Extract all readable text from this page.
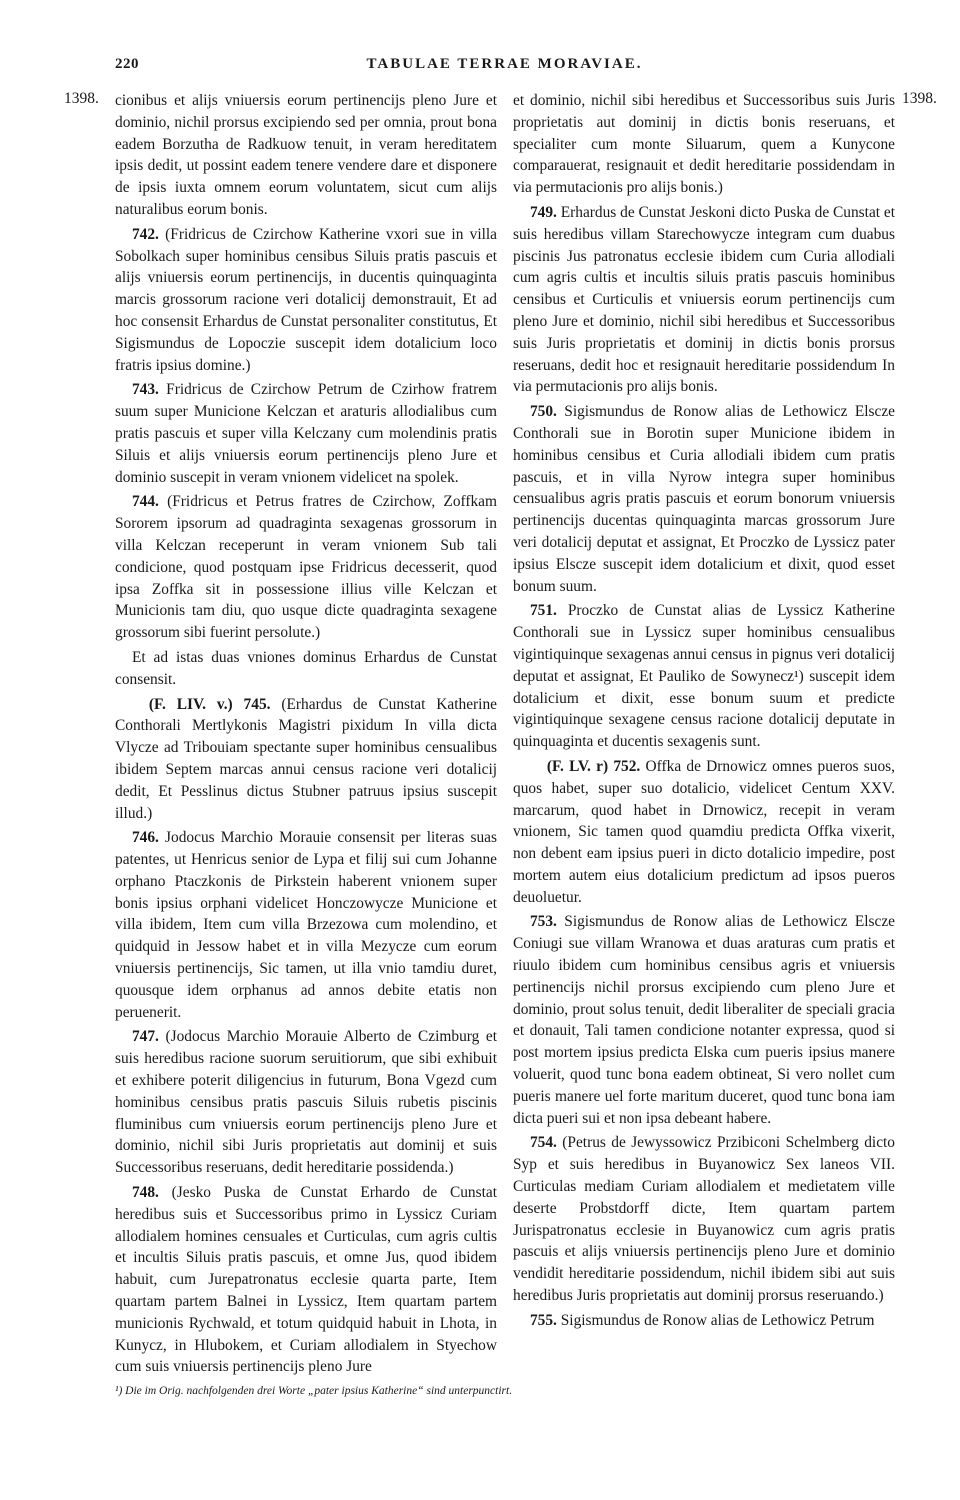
220	TABULAE TERRAE MORAVIAE.
1398.	1398.

cionibus et alijs vniuersis eorum pertinencijs pleno Jure et dominio, nichil prorsus excipiendo sed per omnia, prout bona eadem Borzutha de Radkuow tenuit, in veram hereditatem ipsis dedit, ut possint eadem tenere vendere dare et disponere de ipsis iuxta omnem eorum voluntatem, sicut cum alijs naturalibus eorum bonis.

742. (Fridricus de Czirchow Katherine vxori sue in villa Sobolkach super hominibus censibus Siluis pratis pascuis et alijs vniuersis eorum pertinencijs, in ducentis quinquaginta marcis grossorum racione veri dotalicij demonstrauit, Et ad hoc consensit Erhardus de Cunstat personaliter constitutus, Et Sigismundus de Lopoczie suscepit idem dotalicium loco fratris ipsius domine.)

743. Fridricus de Czirchow Petrum de Czirhow fratrem suum super Municione Kelczan et araturis allodialibus cum pratis pascuis et super villa Kelczany cum molendinis pratis Siluis et alijs vniuersis eorum pertinencijs pleno Jure et dominio suscepit in veram vnionem videlicet na spolek.

744. (Fridricus et Petrus fratres de Czirchow, Zoffkam Sororem ipsorum ad quadraginta sexagenas grossorum in villa Kelczan receperunt in veram vnionem Sub tali condicione, quod postquam ipse Fridricus decesserit, quod ipsa Zoffka sit in possessione illius ville Kelczan et Municionis tam diu, quo usque dicte quadraginta sexagene grossorum sibi fuerint persolute.)

Et ad istas duas vniones dominus Erhardus de Cunstat consensit.

(F. LIV. v.) 745. (Erhardus de Cunstat Katherine Conthorali Mertlykonis Magistri pixidum In villa dicta Vlycze ad Tribouiam spectante super hominibus censualibus ibidem Septem marcas annui census racione veri dotalicij dedit, Et Pesslinus dictus Stubner patruus ipsius suscepit illud.)

746. Jodocus Marchio Morauie consensit per literas suas patentes, ut Henricus senior de Lypa et filij sui cum Johanne orphano Ptaczkonis de Pirkstein haberent vnionem super bonis ipsius orphani videlicet Honczowycze Municione et villa ibidem, Item cum villa Brzezowa cum molendino, et quidquid in Jessow habet et in villa Mezycze cum eorum vniuersis pertinencijs, Sic tamen, ut illa vnio tamdiu duret, quousque idem orphanus ad annos debite etatis non peruenerit.

747. (Jodocus Marchio Morauie Alberto de Czimburg et suis heredibus racione suorum seruitiorum, que sibi exhibuit et exhibere poterit diligencius in futurum, Bona Vgezd cum hominibus censibus pratis pascuis Siluis rubetis piscinis fluminibus cum vniuersis eorum pertinencijs pleno Jure et dominio, nichil sibi Juris proprietatis aut dominij et suis Successoribus reseruans, dedit hereditarie possidenda.)

748. (Jesko Puska de Cunstat Erhardo de Cunstat heredibus suis et Successoribus primo in Lyssicz Curiam allodialem homines censuales et Curticulas, cum agris cultis et incultis Siluis pratis pascuis, et omne Jus, quod ibidem habuit, cum Jurepatronatus ecclesie quarta parte, Item quartam partem Balnei in Lyssicz, Item quartam partem municionis Rychwald, et totum quidquid habuit in Lhota, in Kunycz, in Hlubokem, et Curiam allodialem in Styechow cum suis vniuersis pertinencijs pleno Jure

et dominio, nichil sibi heredibus et Successoribus suis Juris proprietatis aut dominij in dictis bonis reseruans, et specialiter cum monte Siluarum, quem a Kunycone comparauerat, resignauit et dedit hereditarie possidendam in via permutacionis pro alijs bonis.)

749. Erhardus de Cunstat Jeskoni dicto Puska de Cunstat et suis heredibus villam Starechowycze integram cum duabus piscinis Jus patronatus ecclesie ibidem cum Curia allodiali cum agris cultis et incultis siluis pratis pascuis hominibus censibus et Curticulis et vniuersis eorum pertinencijs cum pleno Jure et dominio, nichil sibi heredibus et Successoribus suis Juris proprietatis et dominij in dictis bonis prorsus reseruans, dedit hoc et resignauit hereditarie possidendum In via permutacionis pro alijs bonis.

750. Sigismundus de Ronow alias de Lethowicz Elscze Conthorali sue in Borotin super Municione ibidem in hominibus censibus et Curia allodiali ibidem cum pratis pascuis, et in villa Nyrow integra super hominibus censualibus agris pratis pascuis et eorum bonorum vniuersis pertinencijs ducentas quinquaginta marcas grossorum Jure veri dotalicij deputat et assignat, Et Proczko de Lyssicz pater ipsius Elscze suscepit idem dotalicium et dixit, quod esset bonum suum.

751. Proczko de Cunstat alias de Lyssicz Katherine Conthorali sue in Lyssicz super hominibus censualibus vigintiquinque sexagenas annui census in pignus veri dotalicij deputat et assignat, Et Pauliko de Sowynecz¹) suscepit idem dotalicium et dixit, esse bonum suum et predicte vigintiquinque sexagene census racione dotalicij deputate in quinquaginta et ducentis sexagenis sunt.

(F. LV. r) 752. Offka de Drnowicz omnes pueros suos, quos habet, super suo dotalicio, videlicet Centum XXV. marcarum, quod habet in Drnowicz, recepit in veram vnionem, Sic tamen quod quamdiu predicta Offka vixerit, non debent eam ipsius pueri in dicto dotalicio impedire, post mortem autem eius dotalicium predictum ad ipsos pueros deuoluetur.

753. Sigismundus de Ronow alias de Lethowicz Elscze Coniugi sue villam Wranowa et duas araturas cum pratis et riuulo ibidem cum hominibus censibus agris et vniuersis pertinencijs nichil prorsus excipiendo cum pleno Jure et dominio, prout solus tenuit, dedit liberaliter de speciali gracia et donauit, Tali tamen condicione notanter expressa, quod si post mortem ipsius predicta Elska cum pueris ipsius manere voluerit, quod tunc bona eadem obtineat, Si vero nollet cum pueris manere uel forte maritum duceret, quod tunc bona iam dicta pueri sui et non ipsa debeant habere.

754. (Petrus de Jewyssowicz Przibiconi Schelmberg dicto Syp et suis heredibus in Buyanowicz Sex laneos VII. Curticulas mediam Curiam allodialem et medietatem ville deserte Probstdorff dicte, Item quartam partem Jurispatronatus ecclesie in Buyanowicz cum agris pratis pascuis et alijs vniuersis pertinencijs pleno Jure et dominio vendidit hereditarie possidendum, nichil ibidem sibi aut suis heredibus Juris proprietatis aut dominij prorsus reseruando.)

755. Sigismundus de Ronow alias de Lethowicz Petrum

¹) Die im Orig. nachfolgenden drei Worte „pater ipsius Katherine“ sind unterpunctirt.
